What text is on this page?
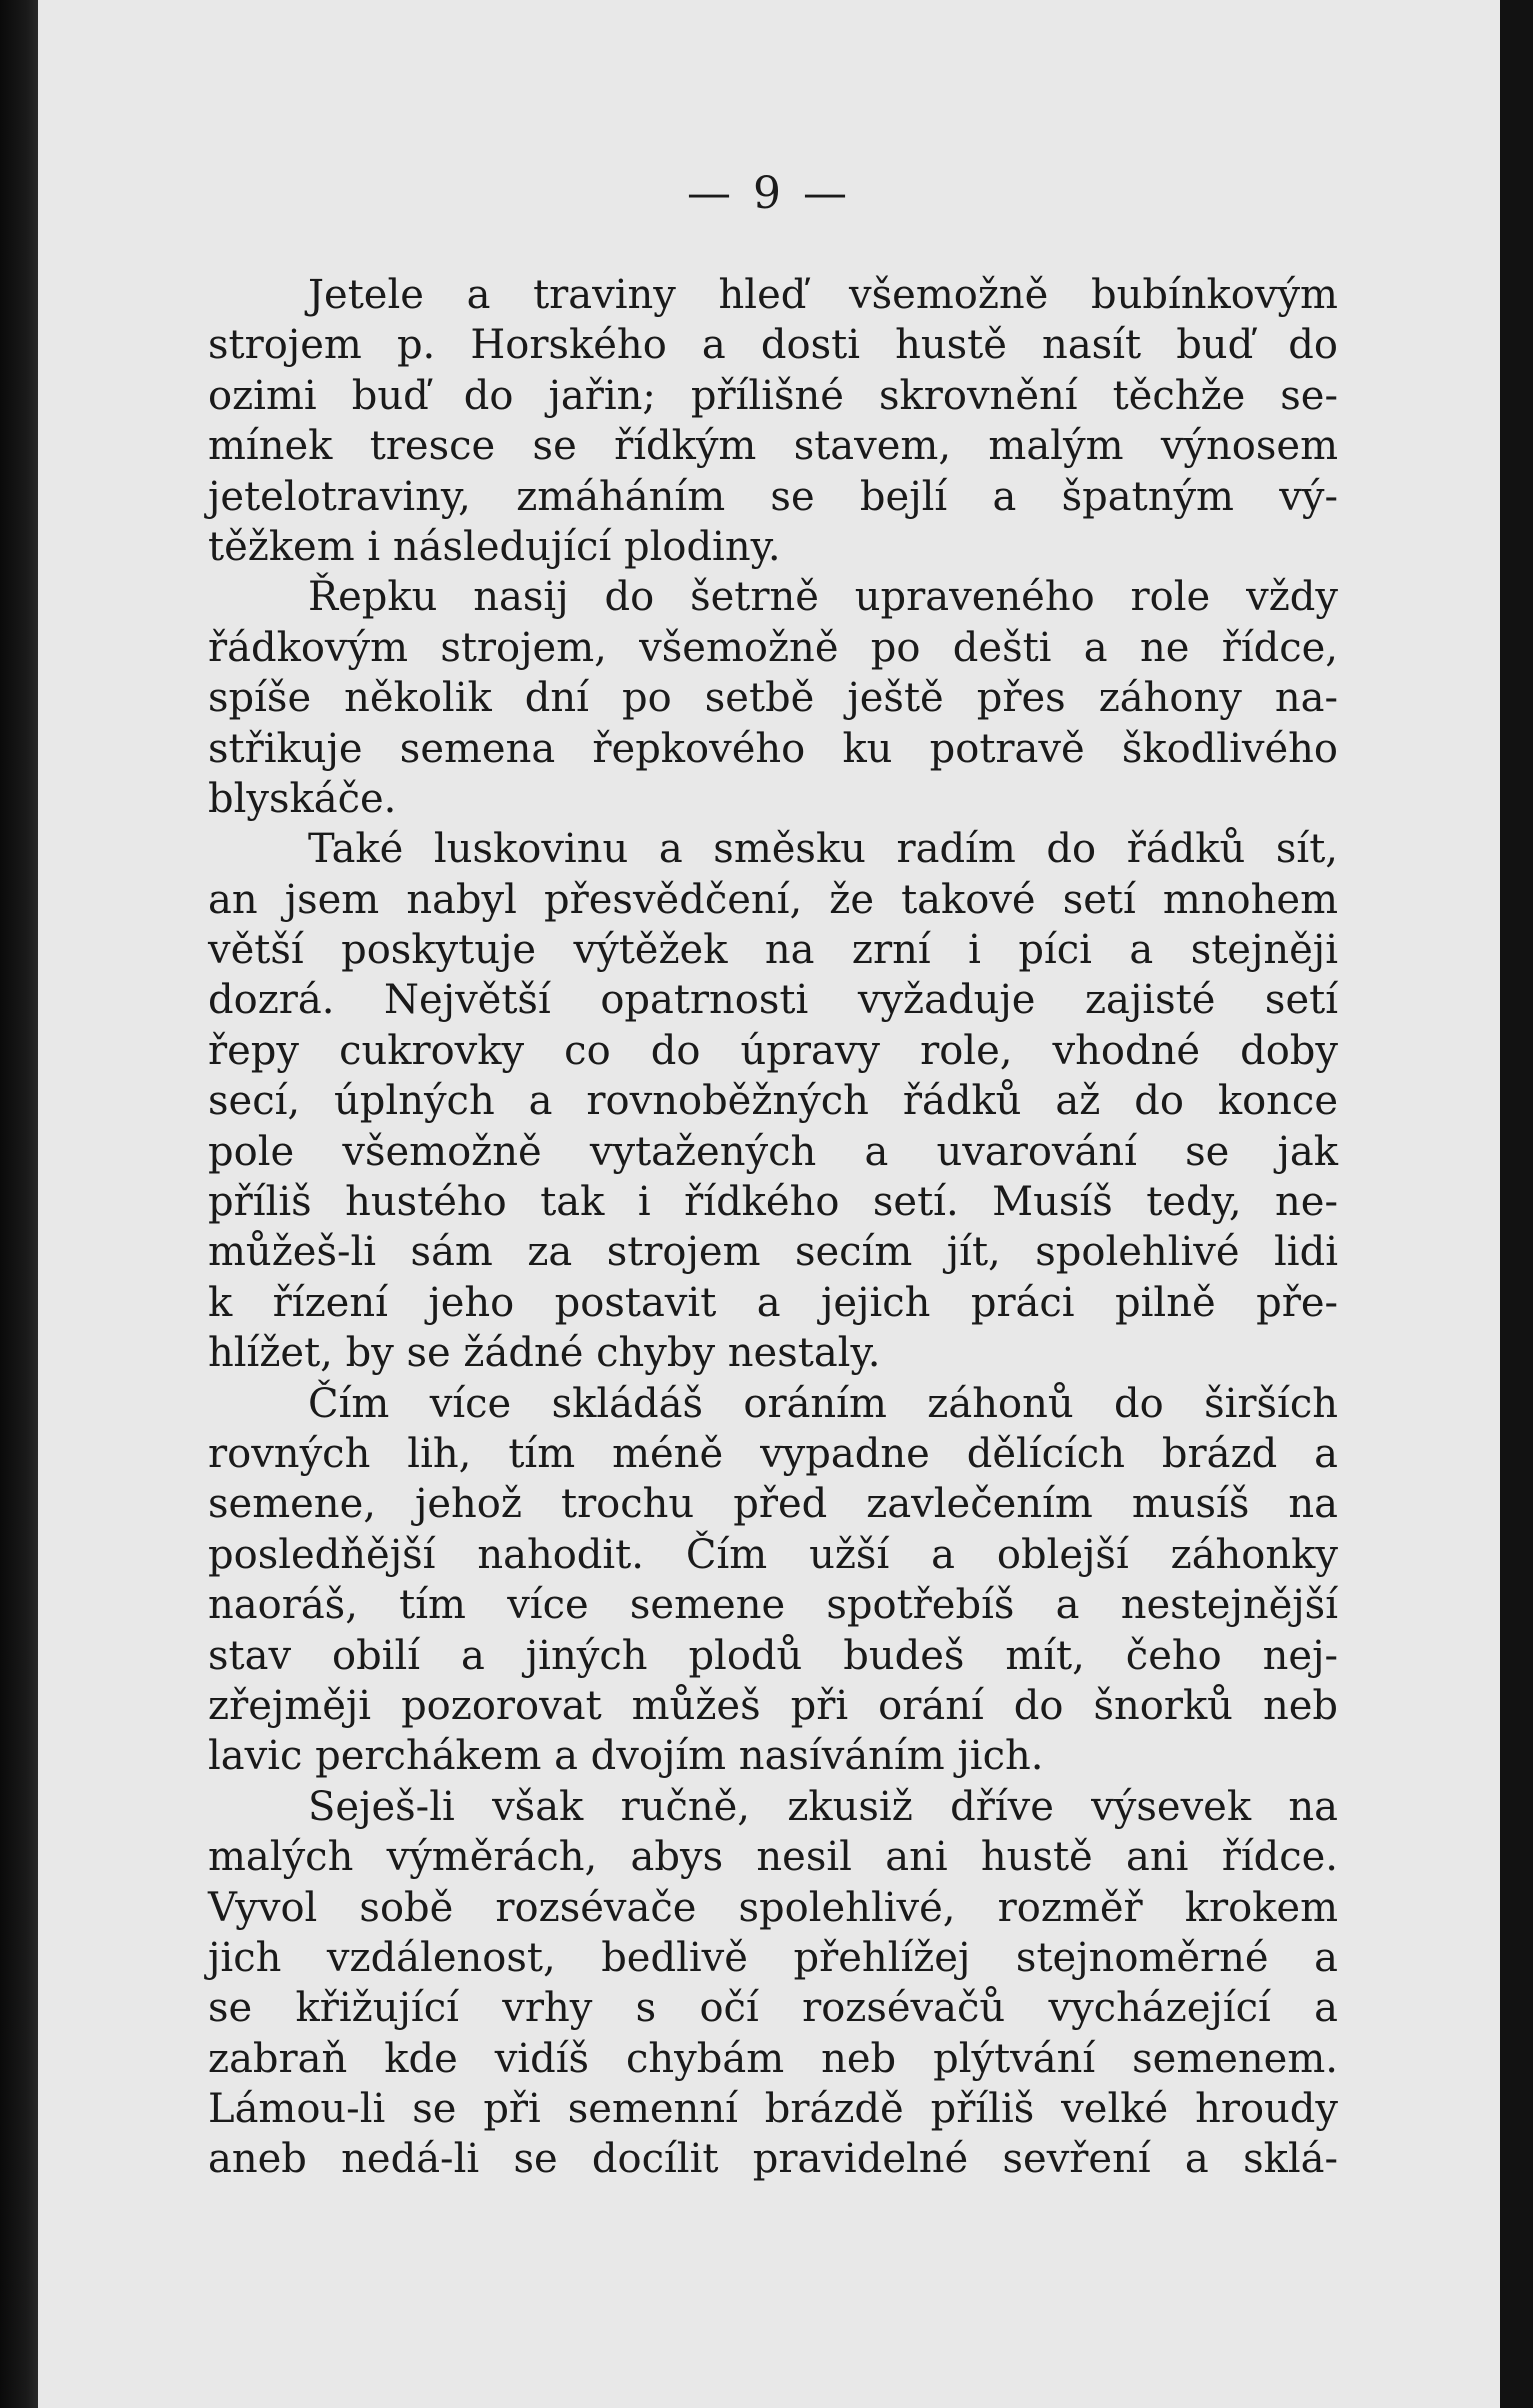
— 9 —
Jetele a traviny hleď všemožně bubínkovým
strojem p. Horského a dosti hustě nasít buď do
ozimi buď do jařin; přílišné skrovnění těchže se-
mínek tresce se řídkým stavem, malým výnosem
jetelotraviny, zmáháním se bejlí a špatným vý-
těžkem i následující plodiny.
Řepku nasij do šetrně upraveného role vždy
řádkovým strojem, všemožně po dešti a ne řídce,
spíše několik dní po setbě ještě přes záhony na-
střikuje semena řepkového ku potravě škodlivého
blyskáče.
Také luskovinu a směsku radím do řádků sít,
an jsem nabyl přesvědčení, že takové setí mnohem
větší poskytuje výtěžek na zrní i píci a stejněji
dozrá. Největší opatrnosti vyžaduje zajisté setí
řepy cukrovky co do úpravy role, vhodné doby
secí, úplných a rovnoběžných řádků až do konce
pole všemožně vytažených a uvarování se jak
příliš hustého tak i řídkého setí. Musíš tedy, ne-
můžeš-li sám za strojem secím jít, spolehlivé lidi
k řízení jeho postavit a jejich práci pilně pře-
hlížet, by se žádné chyby nestaly.
Čím více skládáš oráním záhonů do širších
rovných lih, tím méně vypadne dělících brázd a
semene, jehož trochu před zavlečením musíš na
posledňější nahodit. Čím užší a oblejší záhonky
naoráš, tím více semene spotřebíš a nestejnější
stav obilí a jiných plodů budeš mít, čeho nej-
zřejměji pozorovat můžeš při orání do šnorků neb
lavic perchákem a dvojím nasíváním jich.
Seješ-li však ručně, zkusiž dříve výsevek na
malých výměrách, abys nesil ani hustě ani řídce.
Vyvol sobě rozsévače spolehlivé, rozměř krokem
jich vzdálenost, bedlivě přehlížej stejnoměrné a
se křižující vrhy s očí rozsévačů vycházející a
zabraň kde vidíš chybám neb plýtvání semenem.
Lámou-li se při semenní brázdě příliš velké hroudy
aneb nedá-li se docílit pravidelné sevření a sklá-
